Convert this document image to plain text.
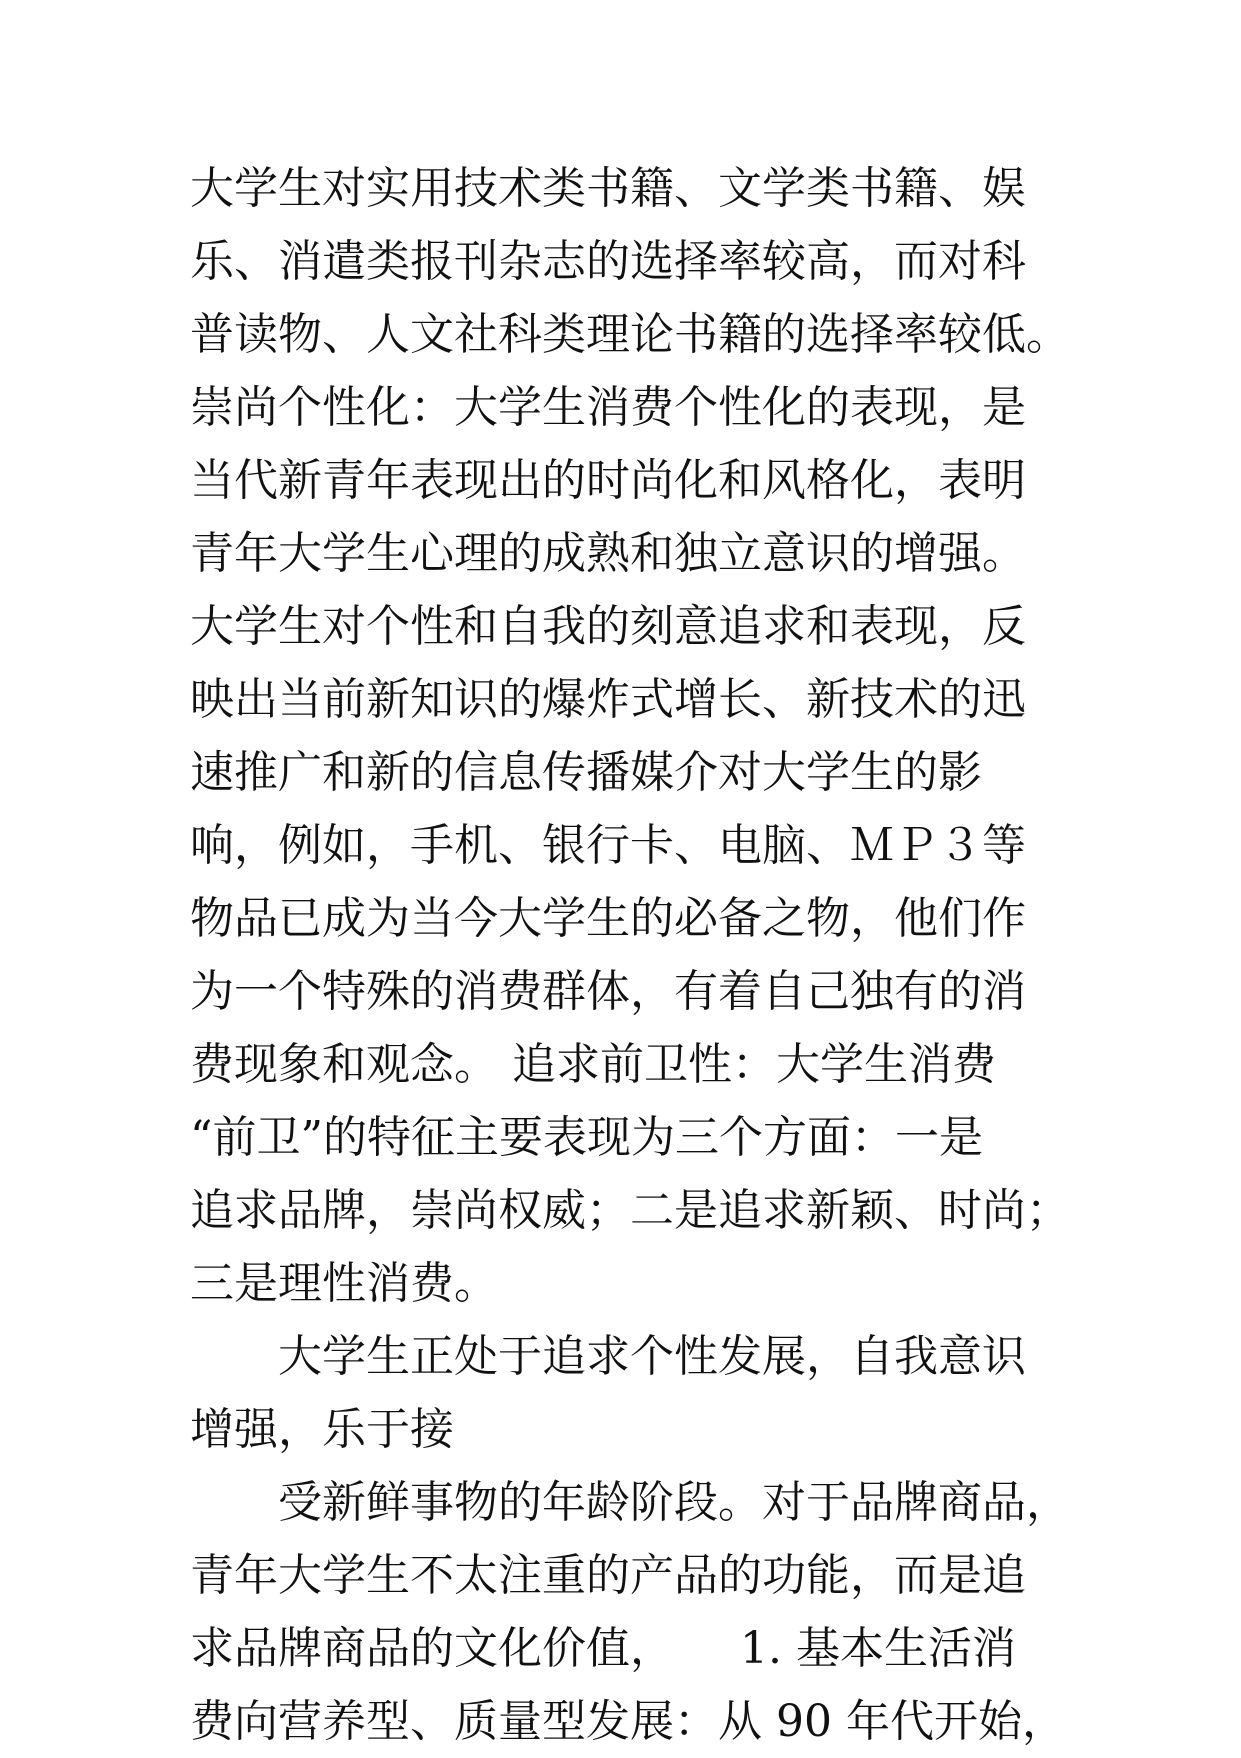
大学生对实用技术类书籍、文学类书籍、娱
乐、消遣类报刊杂志的选择率较高，而对科
普读物、人文社科类理论书籍的选择率较低。
崇尚个性化：大学生消费个性化的表现，是
当代新青年表现出的时尚化和风格化，表明
青年大学生心理的成熟和独立意识的增强。
大学生对个性和自我的刻意追求和表现，反
映出当前新知识的爆炸式增长、新技术的迅
速推广和新的信息传播媒介对大学生的影
响，例如，手机、银行卡、电脑、ＭＰ３等
物品已成为当今大学生的必备之物，他们作
为一个特殊的消费群体，有着自己独有的消
费现象和观念。 追求前卫性：大学生消费
“前卫”的特征主要表现为三个方面：一是
追求品牌，崇尚权威；二是追求新颖、时尚；
三是理性消费。
　　大学生正处于追求个性发展，自我意识
增强，乐于接
　　受新鲜事物的年龄阶段。对于品牌商品，
青年大学生不太注重的产品的功能，而是追
求品牌商品的文化价值，　　1. 基本生活消
费向营养型、质量型发展：从 90 年代开始，
